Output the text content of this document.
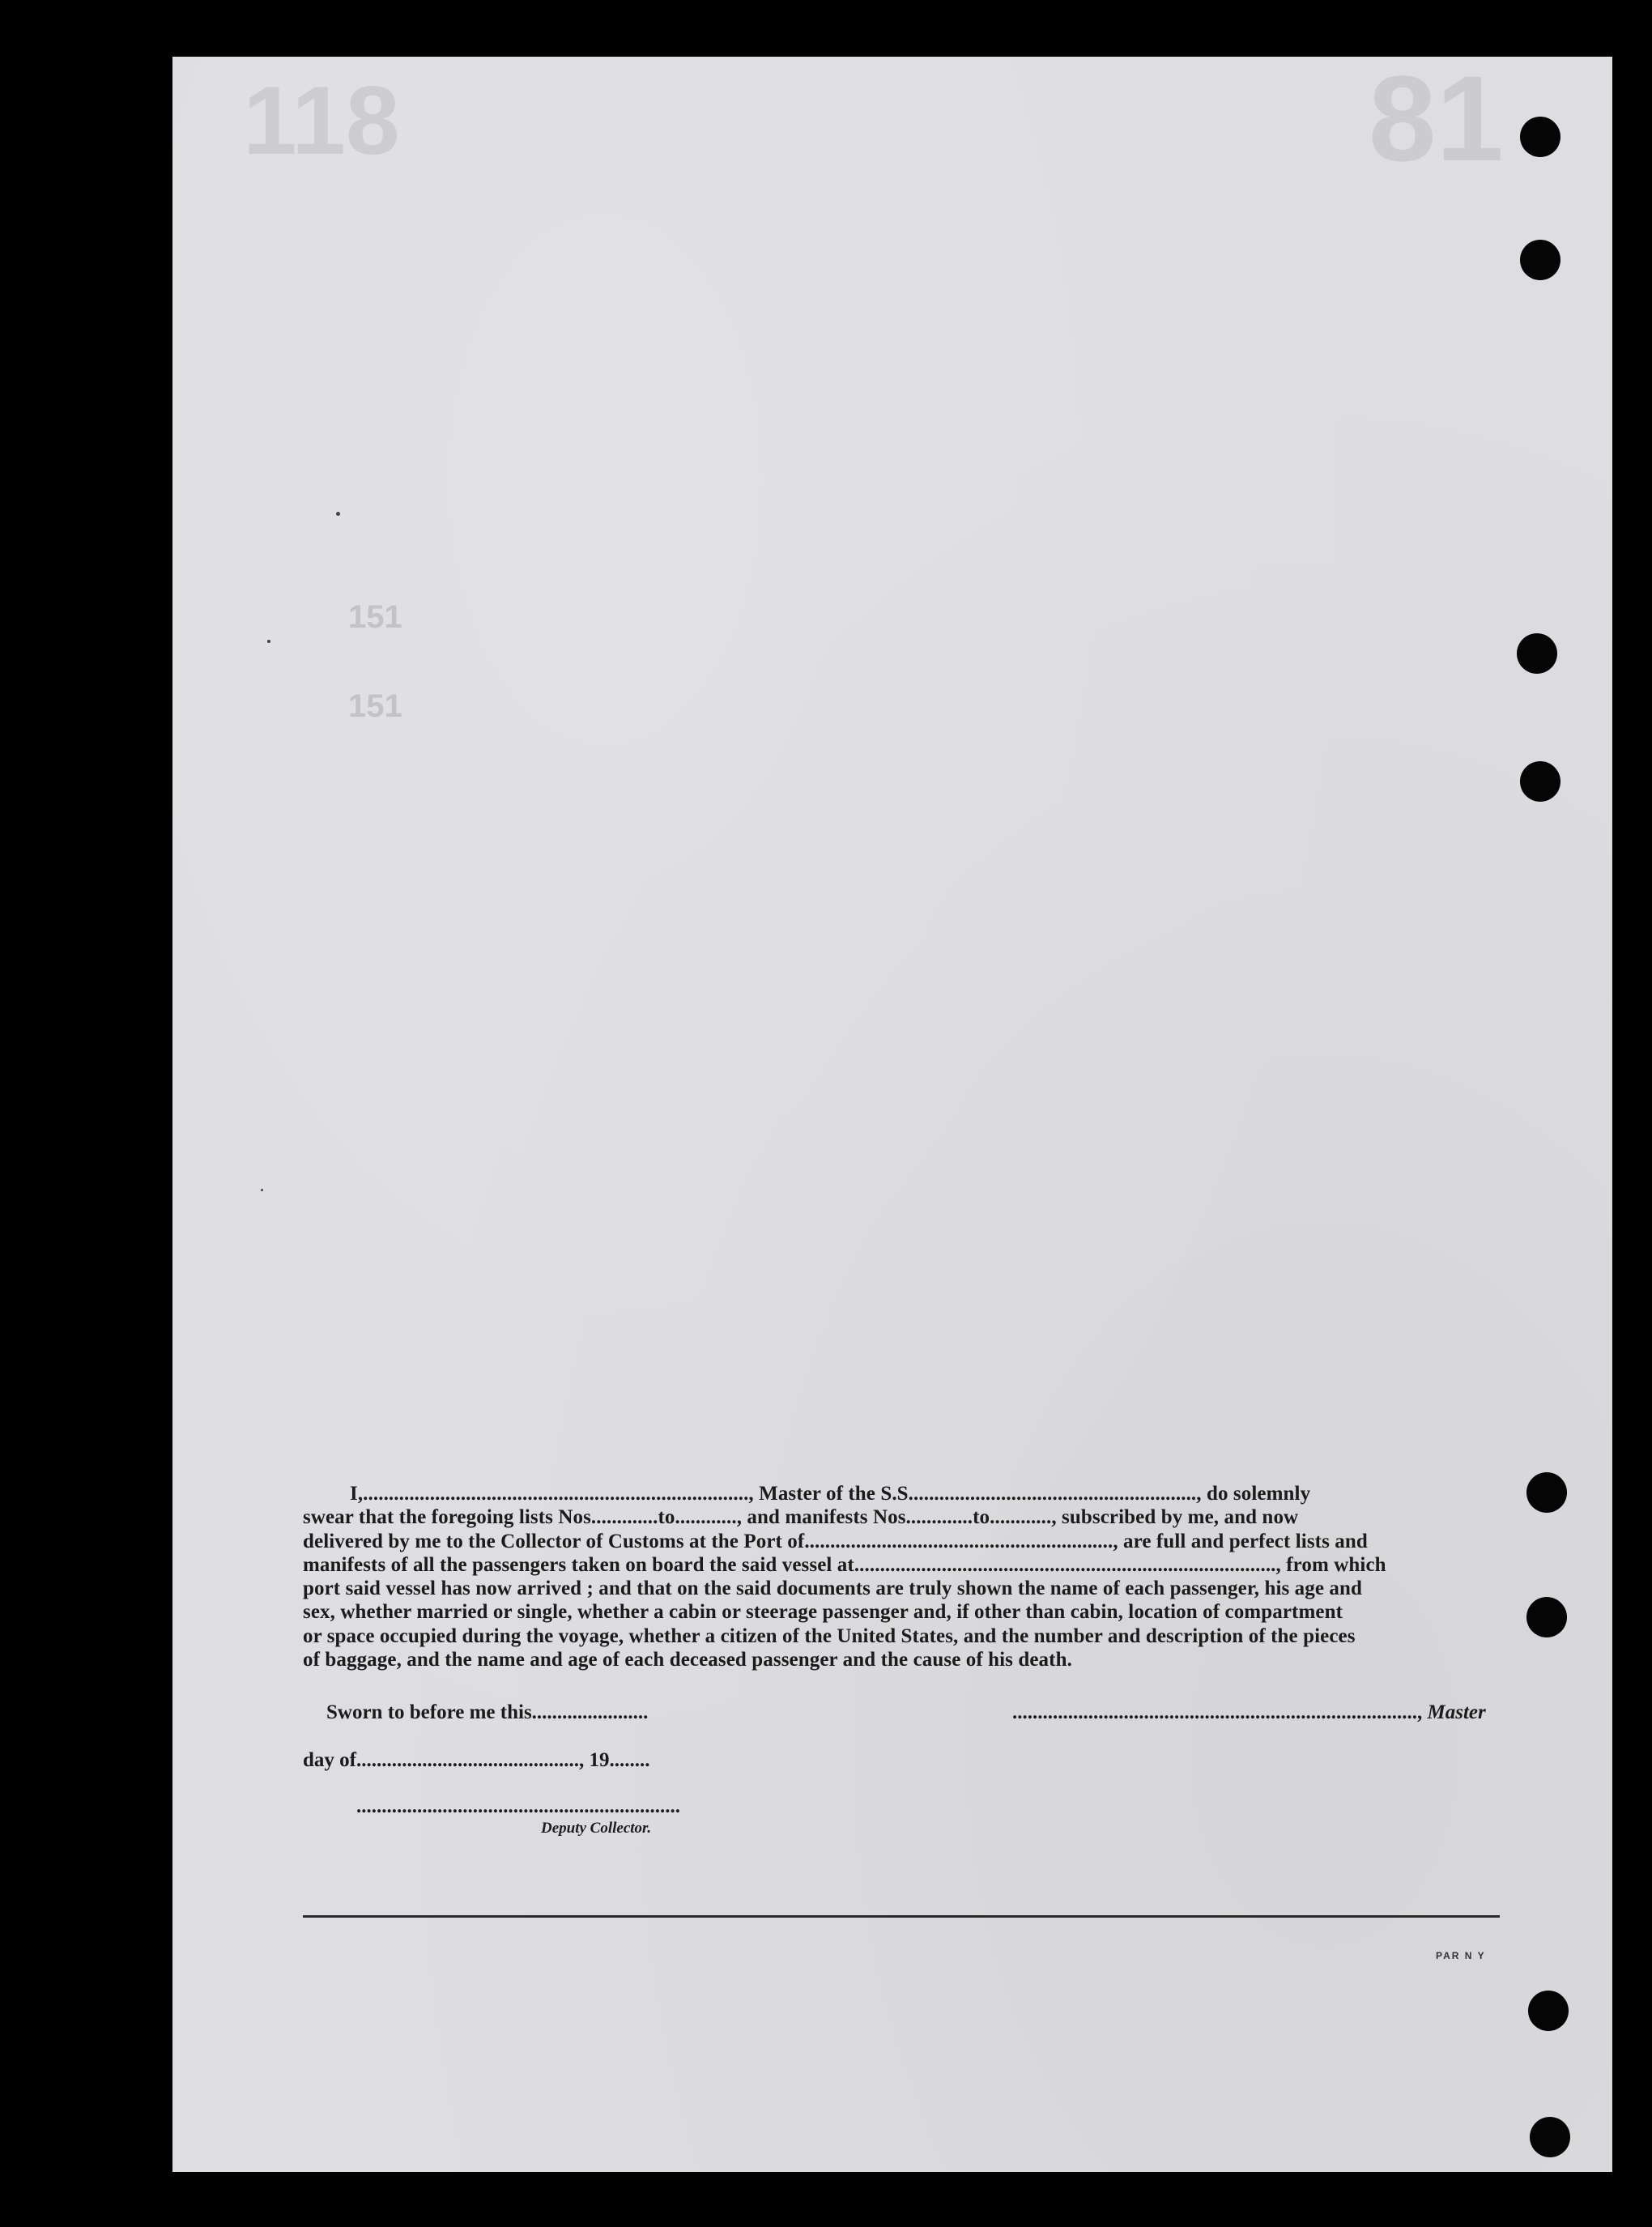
118	81
151
151
I,..........................................................................., Master of the S.S........................................................, do solemnly
swear that the foregoing lists Nos.............to............, and manifests Nos.............to............, subscribed by me, and now
delivered by me to the Collector of Customs at the Port of............................................................, are full and perfect lists and
manifests of all the passengers taken on board the said vessel at.................................................................................., from which
port said vessel has now arrived ; and that on the said documents are truly shown the name of each passenger, his age and
sex, whether married or single, whether a cabin or steerage passenger and, if other than cabin, location of compartment
or space occupied during the voyage, whether a citizen of the United States, and the number and description of the pieces
of baggage, and the name and age of each deceased passenger and the cause of his death.
Sworn to before me this.......................	................................................................................, Master
day of............................................, 19........
................................................................
Deputy Collector.
PAR N Y
